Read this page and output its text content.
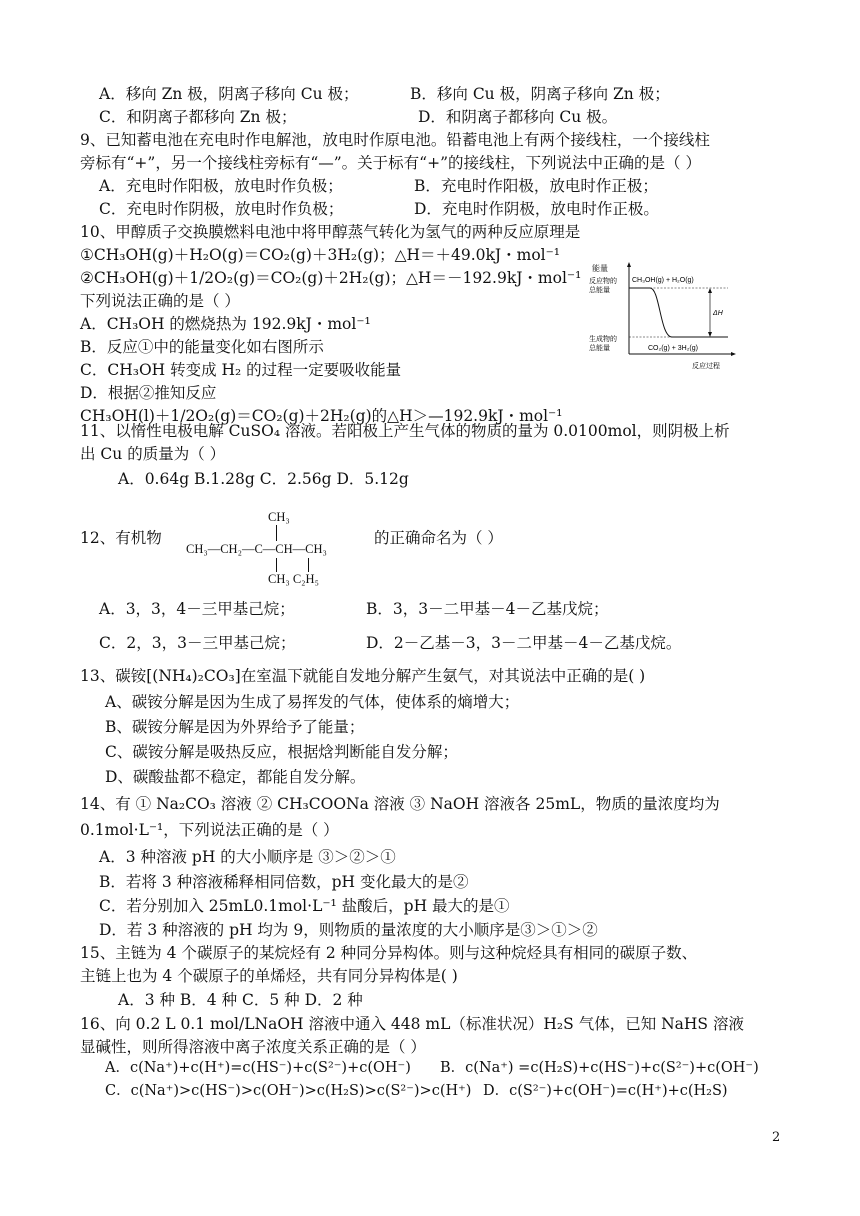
A．移向 Zn 极，阴离子移向 Cu 极；	B．移向 Cu 极，阴离子移向 Zn 极；
C．和阴离子都移向 Zn 极；	D．和阴离子都移向 Cu 极。
9、已知蓄电池在充电时作电解池，放电时作原电池。铅蓄电池上有两个接线柱，一个接线柱
旁标有“+”，另一个接线柱旁标有“—”。关于标有“+”的接线柱，下列说法中正确的是（ ）
A．充电时作阳极，放电时作负极；	B．充电时作阳极，放电时作正极；
C．充电时作阴极，放电时作负极；	D．充电时作阴极，放电时作正极。
10、甲醇质子交换膜燃料电池中将甲醇蒸气转化为氢气的两种反应原理是
①CH₃OH(g)＋H₂O(g)＝CO₂(g)＋3H₂(g)；△H＝＋49.0kJ・mol⁻¹
②CH₃OH(g)＋1/2O₂(g)＝CO₂(g)＋2H₂(g)；△H＝－192.9kJ・mol⁻¹
下列说法正确的是（ ）
A．CH₃OH 的燃烧热为 192.9kJ・mol⁻¹
B．反应①中的能量变化如右图所示
C．CH₃OH 转变成 H₂ 的过程一定要吸收能量
D．根据②推知反应
CH₃OH(l)＋1/2O₂(g)＝CO₂(g)＋2H₂(g)的△H＞—192.9kJ・mol⁻¹
能量
反应物的
总能量
生成物的
总能量
CH₃OH(g) + H₂O(g)
CO₂(g) + 3H₂(g)
ΔH
反应过程
11、以惰性电极电解 CuSO₄ 溶液。若阳极上产生气体的物质的量为 0.0100mol，则阴极上析
出 Cu 的质量为（ ）
A．0.64g B.1.28g C．2.56g D．5.12g
12、有机物
CH₃
CH₃—CH₂—C—CH—CH₃
CH₃ C₂H₅
的正确命名为（ ）
A．3，3，4－三甲基己烷；	B．3，3－二甲基－4－乙基戊烷；
C．2，3，3－三甲基己烷；	D．2－乙基－3，3－二甲基－4－乙基戊烷。
13、碳铵[(NH₄)₂CO₃]在室温下就能自发地分解产生氨气，对其说法中正确的是( )
A、碳铵分解是因为生成了易挥发的气体，使体系的熵增大；
B、碳铵分解是因为外界给予了能量；
C、碳铵分解是吸热反应，根据焓判断能自发分解；
D、碳酸盐都不稳定，都能自发分解。
14、有 ① Na₂CO₃ 溶液 ② CH₃COONa 溶液 ③ NaOH 溶液各 25mL，物质的量浓度均为
0.1mol·L⁻¹，下列说法正确的是（ ）
A．3 种溶液 pH 的大小顺序是 ③＞②＞①
B．若将 3 种溶液稀释相同倍数，pH 变化最大的是②
C．若分别加入 25mL0.1mol·L⁻¹ 盐酸后，pH 最大的是①
D．若 3 种溶液的 pH 均为 9，则物质的量浓度的大小顺序是③＞①＞②
15、主链为 4 个碳原子的某烷烃有 2 种同分异构体。则与这种烷烃具有相同的碳原子数、
主链上也为 4 个碳原子的单烯烃，共有同分异构体是( )
A．3 种 B．4 种 C．5 种 D．2 种
16、向 0.2 L 0.1 mol/LNaOH 溶液中通入 448 mL（标准状况）H₂S 气体，已知 NaHS 溶液
显碱性，则所得溶液中离子浓度关系正确的是（ ）
A．c(Na⁺)+c(H⁺)=c(HS⁻)+c(S²⁻)+c(OH⁻) B．c(Na⁺) =c(H₂S)+c(HS⁻)+c(S²⁻)+c(OH⁻)
C．c(Na⁺)>c(HS⁻)>c(OH⁻)>c(H₂S)>c(S²⁻)>c(H⁺) D．c(S²⁻)+c(OH⁻)=c(H⁺)+c(H₂S)
2
